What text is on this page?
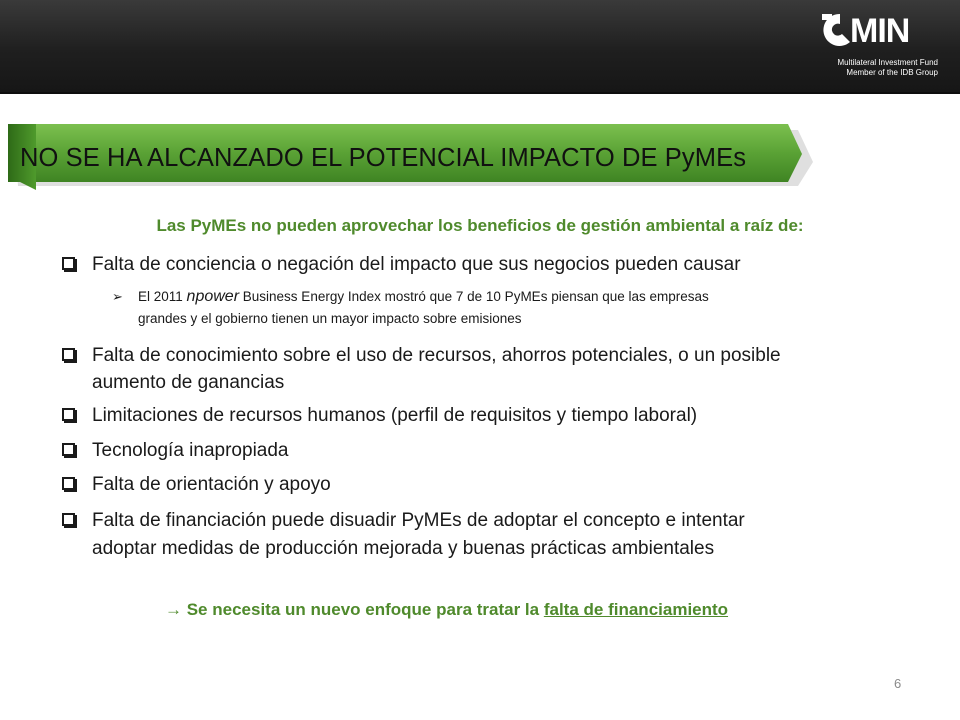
MIN
Multilateral Investment Fund
Member of the IDB Group
NO SE HA ALCANZADO EL POTENCIAL IMPACTO DE PyMEs
Las PyMEs no pueden aprovechar los beneficios de gestión ambiental a raíz de:
Falta de conciencia o negación del impacto que sus negocios pueden causar
➢ El 2011 npower Business Energy Index mostró que 7 de 10 PyMEs piensan que las empresas
grandes y el gobierno tienen un mayor impacto sobre emisiones
Falta de conocimiento sobre el uso de recursos, ahorros potenciales, o un posible
aumento de ganancias
Limitaciones de recursos humanos (perfil de requisitos y tiempo laboral)
Tecnología inapropiada
Falta de orientación y apoyo
Falta de financiación puede disuadir PyMEs de adoptar el concepto e intentar
adoptar medidas de producción mejorada y buenas prácticas ambientales
→ Se necesita un nuevo enfoque para tratar la falta de financiamiento
6
